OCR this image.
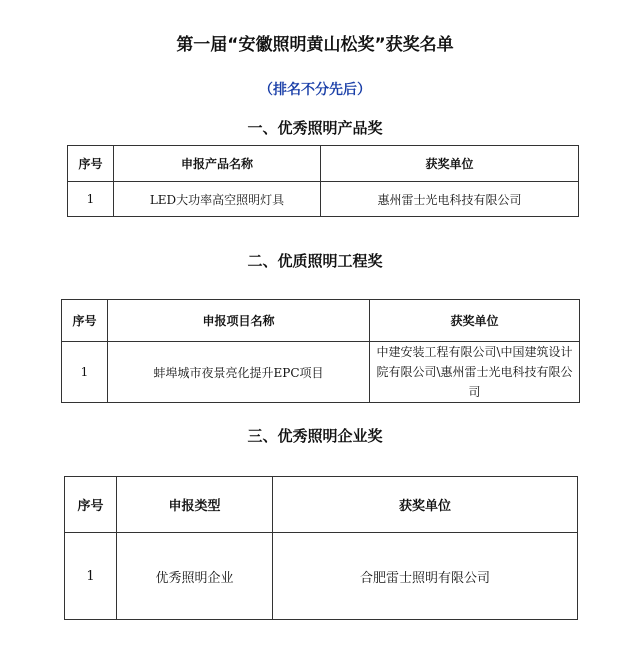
第一届“安徽照明黄山松奖”获奖名单
（排名不分先后）
一、优秀照明产品奖
序号	申报产品名称	获奖单位
1	LED大功率高空照明灯具	惠州雷士光电科技有限公司
二、优质照明工程奖
序号	申报项目名称	获奖单位
1	蚌埠城市夜景亮化提升EPC项目	中建安装工程有限公司\中国建筑设计院有限公司\惠州雷士光电科技有限公司
三、优秀照明企业奖
序号	申报类型	获奖单位
1	优秀照明企业	合肥雷士照明有限公司
